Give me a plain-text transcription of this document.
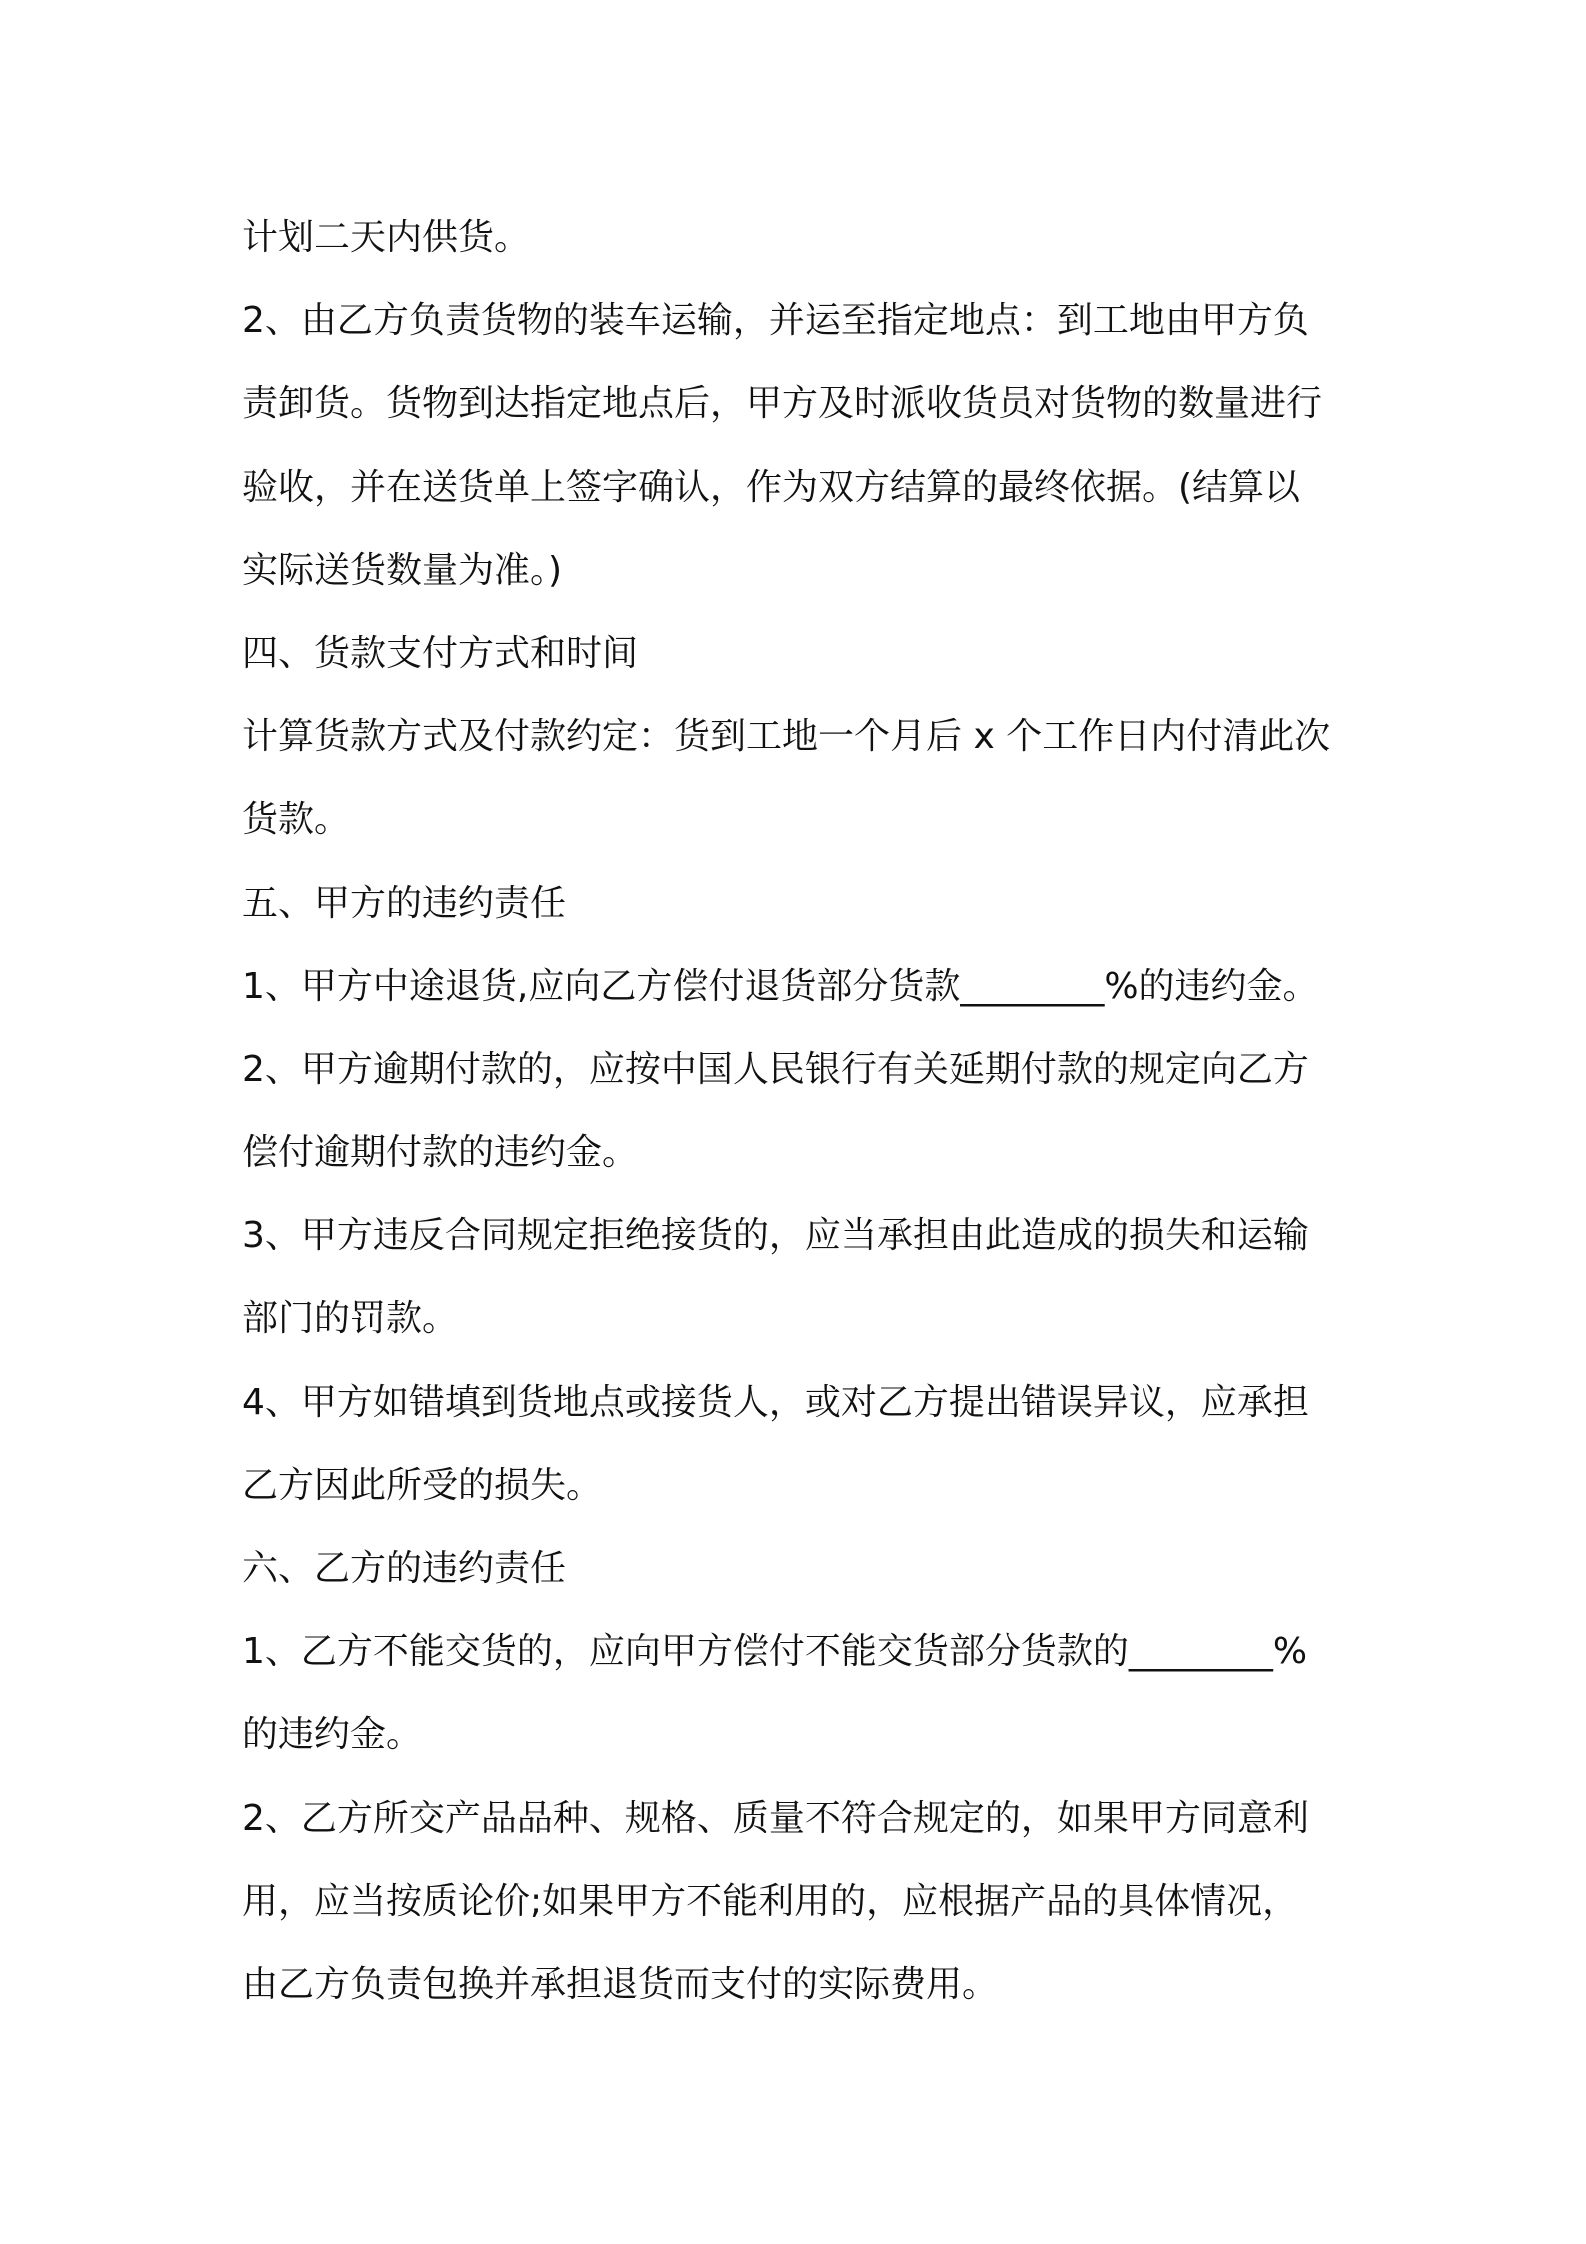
计划二天内供货。

2、由乙方负责货物的装车运输，并运至指定地点：到工地由甲方负

责卸货。货物到达指定地点后，甲方及时派收货员对货物的数量进行

验收，并在送货单上签字确认，作为双方结算的最终依据。(结算以

实际送货数量为准。)

四、货款支付方式和时间

计算货款方式及付款约定：货到工地一个月后 x 个工作日内付清此次

货款。

五、甲方的违约责任

1、甲方中途退货,应向乙方偿付退货部分货款________%的违约金。

2、甲方逾期付款的，应按中国人民银行有关延期付款的规定向乙方

偿付逾期付款的违约金。

3、甲方违反合同规定拒绝接货的，应当承担由此造成的损失和运输

部门的罚款。

4、甲方如错填到货地点或接货人，或对乙方提出错误异议，应承担

乙方因此所受的损失。

六、乙方的违约责任

1、乙方不能交货的，应向甲方偿付不能交货部分货款的________%

的违约金。

2、乙方所交产品品种、规格、质量不符合规定的，如果甲方同意利

用，应当按质论价;如果甲方不能利用的，应根据产品的具体情况，

由乙方负责包换并承担退货而支付的实际费用。
